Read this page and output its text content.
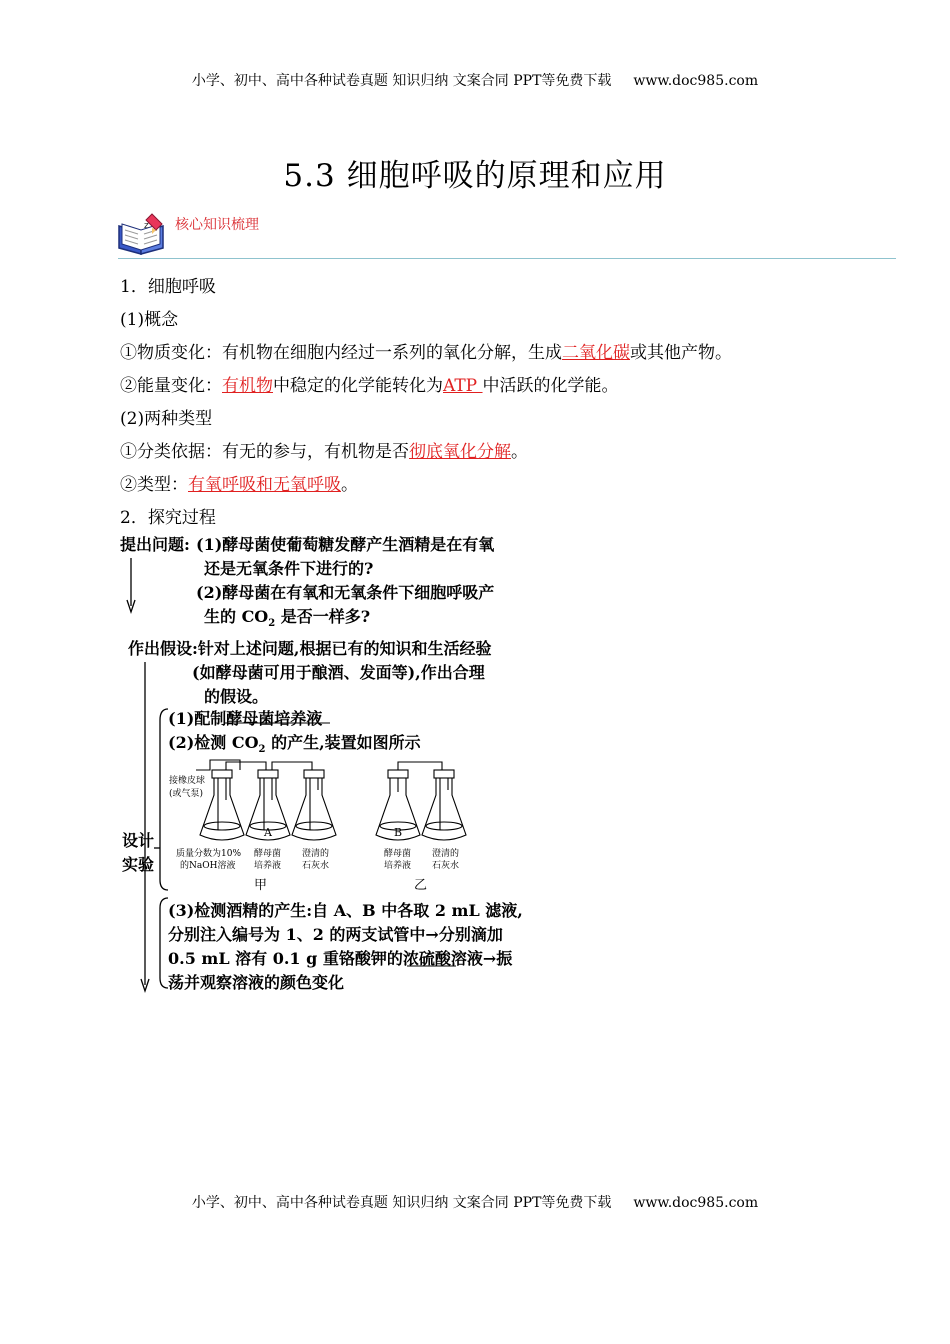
小学、初中、高中各种试卷真题 知识归纳 文案合同 PPT等免费下载 www.doc985.com
5.3 细胞呼吸的原理和应用
z 核心知识梳理
1．细胞呼吸
(1)概念
①物质变化：有机物在细胞内经过一系列的氧化分解，生成二氧化碳或其他产物。
②能量变化：有机物中稳定的化学能转化为ATP 中活跃的化学能。
(2)两种类型
①分类依据：有无的参与，有机物是否彻底氧化分解。
②类型：有氧呼吸和无氧呼吸。
2．探究过程
提出问题: (1)酵母菌使葡萄糖发酵产生酒精是在有氧
还是无氧条件下进行的?
(2)酵母菌在有氧和无氧条件下细胞呼吸产
生的 $CO_2$ 是否一样多?
作出假设:针对上述问题,根据已有的知识和生活经验
(如酵母菌可用于酿酒、发面等),作出合理
的假设。
设计
实验
(1)配制酵母菌培养液
(2)检测 $CO_2$ 的产生,装置如图所示
接橡皮球
(或气泵)
A	B
质量分数为10%
的NaOH溶液
酵母菌
培养液
澄清的
石灰水
酵母菌
培养液
澄清的
石灰水
甲	乙
(3)检测酒精的产生:自 A、B 中各取 2 mL 滤液,
分别注入编号为 1、2 的两支试管中→分别滴加
0.5 mL 溶有 0.1 g 重铬酸钾的浓硫酸溶液→振
荡并观察溶液的颜色变化
小学、初中、高中各种试卷真题 知识归纳 文案合同 PPT等免费下载 www.doc985.com
